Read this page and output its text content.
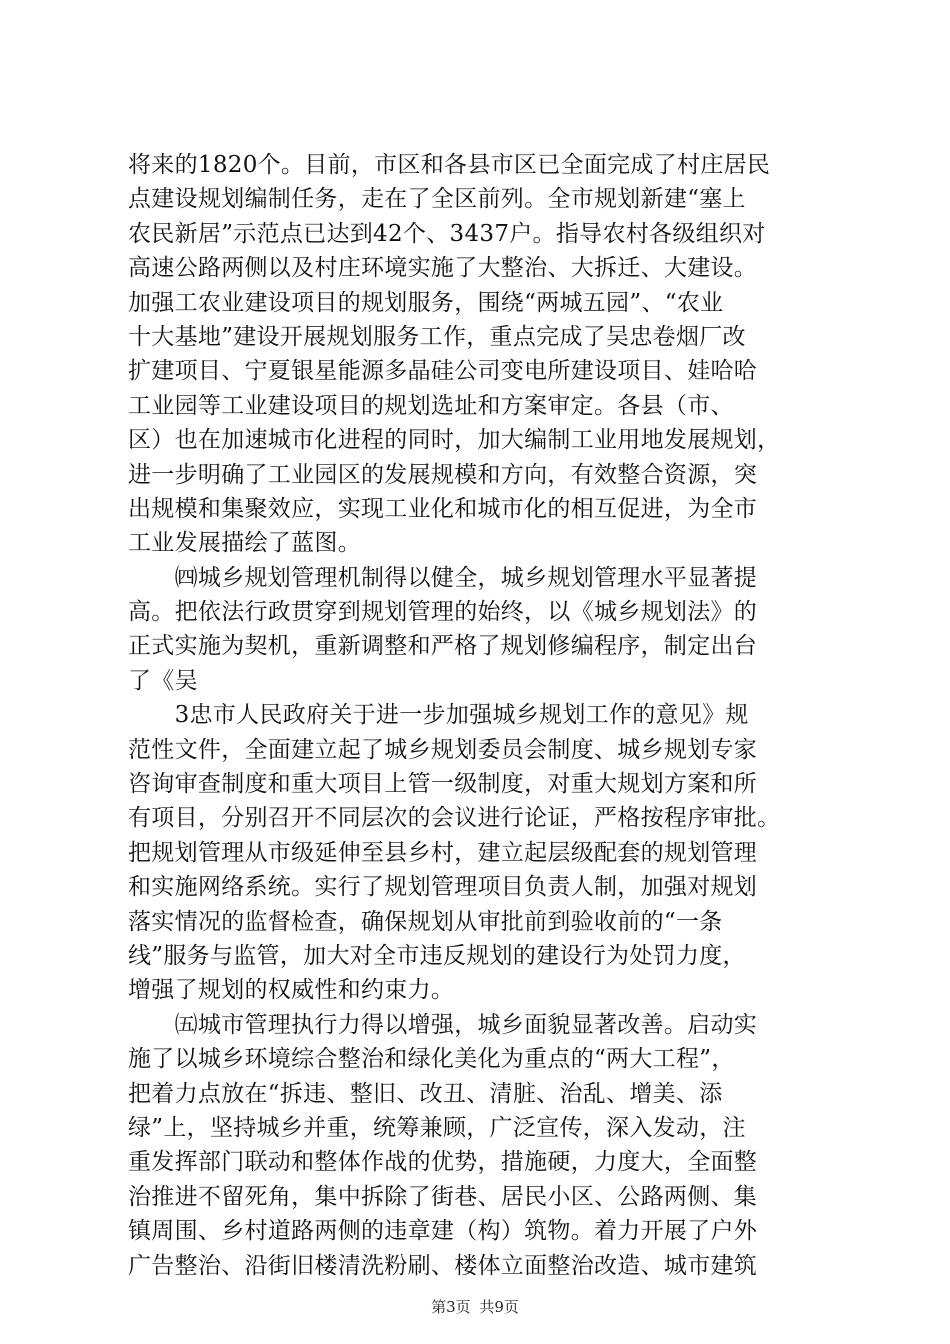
将来的1820个。目前，市区和各县市区已全面完成了村庄居民
点建设规划编制任务，走在了全区前列。全市规划新建“塞上
农民新居”示范点已达到42个、3437户。指导农村各级组织对
高速公路两侧以及村庄环境实施了大整治、大拆迁、大建设。
加强工农业建设项目的规划服务，围绕“两城五园”、“农业
十大基地”建设开展规划服务工作，重点完成了吴忠卷烟厂改
扩建项目、宁夏银星能源多晶硅公司变电所建设项目、娃哈哈
工业园等工业建设项目的规划选址和方案审定。各县（市、
区）也在加速城市化进程的同时，加大编制工业用地发展规划，
进一步明确了工业园区的发展规模和方向，有效整合资源，突
出规模和集聚效应，实现工业化和城市化的相互促进，为全市
工业发展描绘了蓝图。
　　㈣城乡规划管理机制得以健全，城乡规划管理水平显著提
高。把依法行政贯穿到规划管理的始终，以《城乡规划法》的
正式实施为契机，重新调整和严格了规划修编程序，制定出台
了《吴
　　3忠市人民政府关于进一步加强城乡规划工作的意见》规
范性文件，全面建立起了城乡规划委员会制度、城乡规划专家
咨询审查制度和重大项目上管一级制度，对重大规划方案和所
有项目，分别召开不同层次的会议进行论证，严格按程序审批。
把规划管理从市级延伸至县乡村，建立起层级配套的规划管理
和实施网络系统。实行了规划管理项目负责人制，加强对规划
落实情况的监督检查，确保规划从审批前到验收前的“一条
线”服务与监管，加大对全市违反规划的建设行为处罚力度，
增强了规划的权威性和约束力。
　　㈤城市管理执行力得以增强，城乡面貌显著改善。启动实
施了以城乡环境综合整治和绿化美化为重点的“两大工程”，
把着力点放在“拆违、整旧、改丑、清脏、治乱、增美、添
绿”上，坚持城乡并重，统筹兼顾，广泛宣传，深入发动，注
重发挥部门联动和整体作战的优势，措施硬，力度大，全面整
治推进不留死角，集中拆除了街巷、居民小区、公路两侧、集
镇周围、乡村道路两侧的违章建（构）筑物。着力开展了户外
广告整治、沿街旧楼清洗粉刷、楼体立面整治改造、城市建筑
第3页 共9页
